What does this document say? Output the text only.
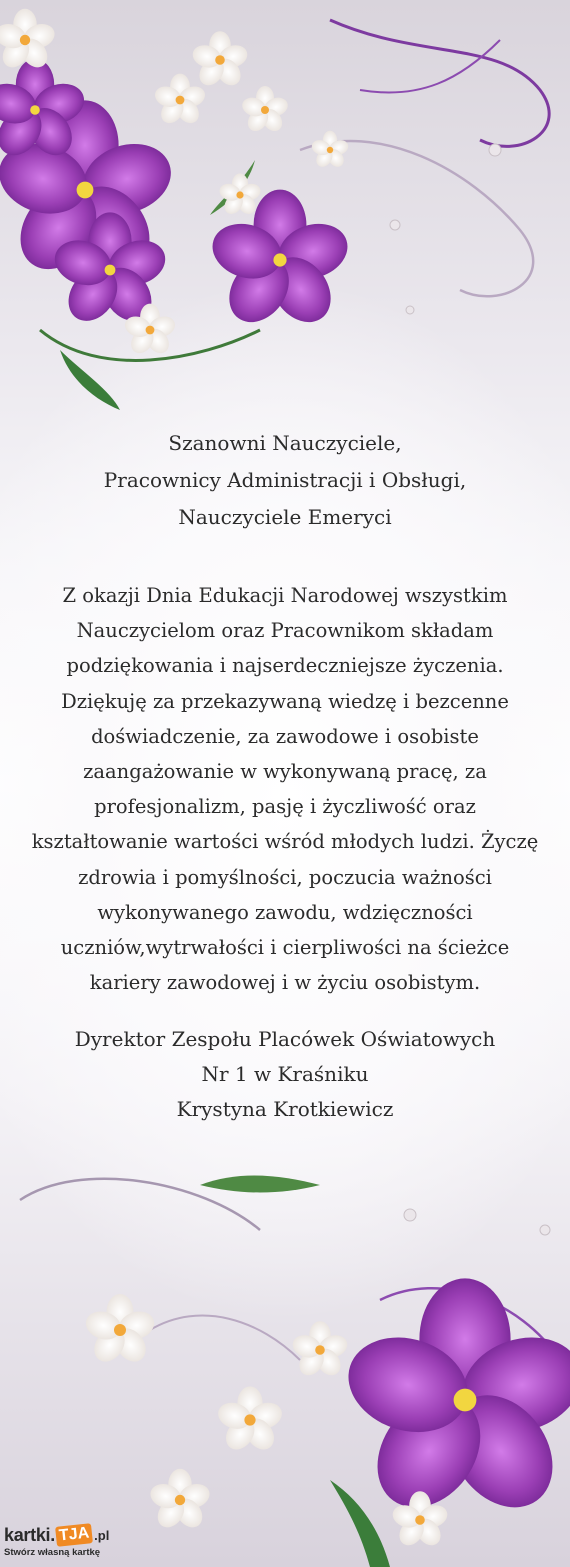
Szanowni Nauczyciele,
Pracownicy Administracji i Obsługi,
Nauczyciele Emeryci

Z okazji Dnia Edukacji Narodowej wszystkim Nauczycielom oraz Pracownikom składam podziękowania i najserdeczniejsze życzenia. Dziękuję za przekazywaną wiedzę i bezcenne doświadczenie, za zawodowe i osobiste zaangażowanie w wykonywaną pracę, za profesjonalizm, pasję i życzliwość oraz kształtowanie wartości wśród młodych ludzi. Życzę zdrowia i pomyślności, poczucia ważności wykonywanego zawodu, wdzięczności uczniów,wytrwałości i cierpliwości na ścieżce kariery zawodowej i w życiu osobistym.

Dyrektor Zespołu Placówek Oświatowych
Nr 1 w Kraśniku
Krystyna Krotkiewicz
kartki. TJA .pl
Stwórz własną kartkę
